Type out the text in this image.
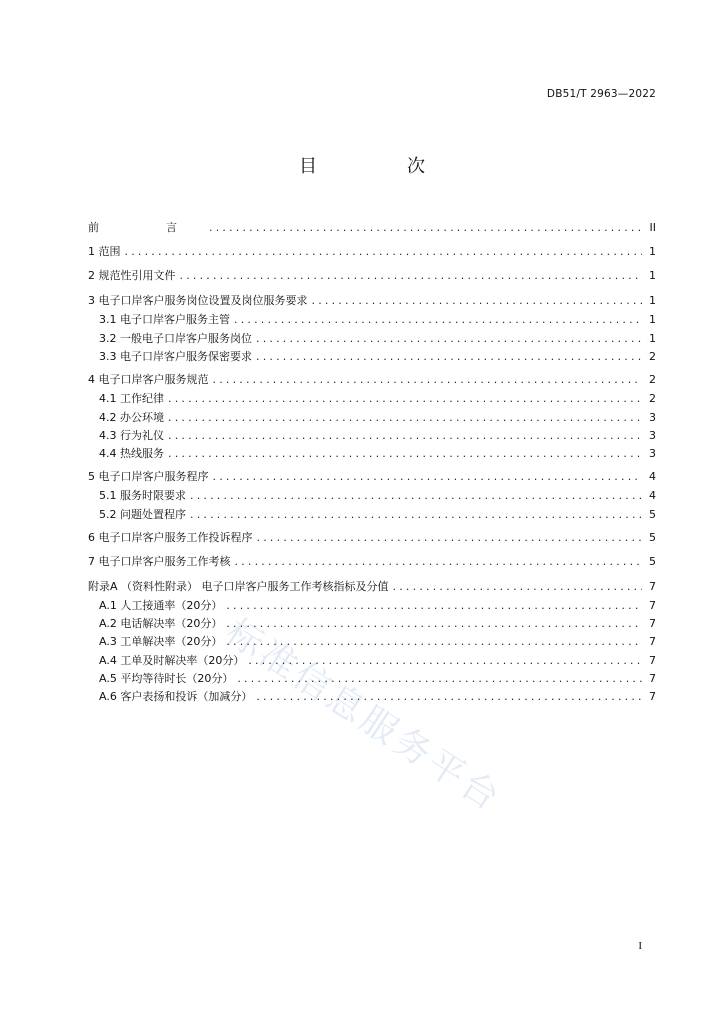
DB51/T 2963—2022
目　次
标准信息服务平台
前　言 .....	II
1 范围 .....	1
2 规范性引用文件 .....	1
3 电子口岸客户服务岗位设置及岗位服务要求 .....	1
3.1 电子口岸客户服务主管 .....	1
3.2 一般电子口岸客户服务岗位 .....	1
3.3 电子口岸客户服务保密要求 .....	2
4 电子口岸客户服务规范 .....	2
4.1 工作纪律 .....	2
4.2 办公环境 .....	3
4.3 行为礼仪 .....	3
4.4 热线服务 .....	3
5 电子口岸客户服务程序 .....	4
5.1 服务时限要求 .....	4
5.2 问题处置程序 .....	5
6 电子口岸客户服务工作投诉程序 .....	5
7 电子口岸客户服务工作考核 .....	5
附录A （资料性附录） 电子口岸客户服务工作考核指标及分值 .....	7
A.1 人工接通率（20分） .....	7
A.2 电话解决率（20分） .....	7
A.3 工单解决率（20分） .....	7
A.4 工单及时解决率（20分） .....	7
A.5 平均等待时长（20分） .....	7
A.6 客户表扬和投诉（加减分） .....	7
I
